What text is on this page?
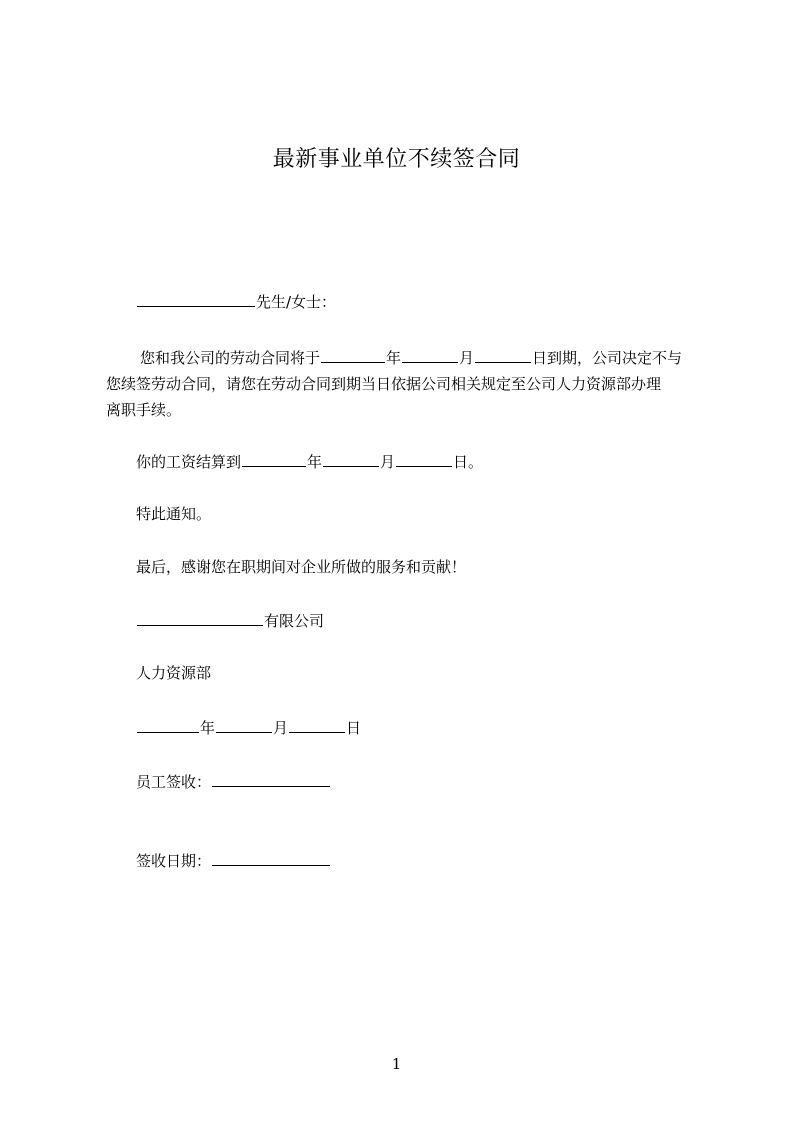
最新事业单位不续签合同
先生/女士：
您和我公司的劳动合同将于	年	月	日到期，公司决定不与
您续签劳动合同，请您在劳动合同到期当日依据公司相关规定至公司人力资源部办理
离职手续。
你的工资结算到	年	月	日。
特此通知。
最后，感谢您在职期间对企业所做的服务和贡献！
有限公司
人力资源部
年	月	日
员工签收：
签收日期：
1
